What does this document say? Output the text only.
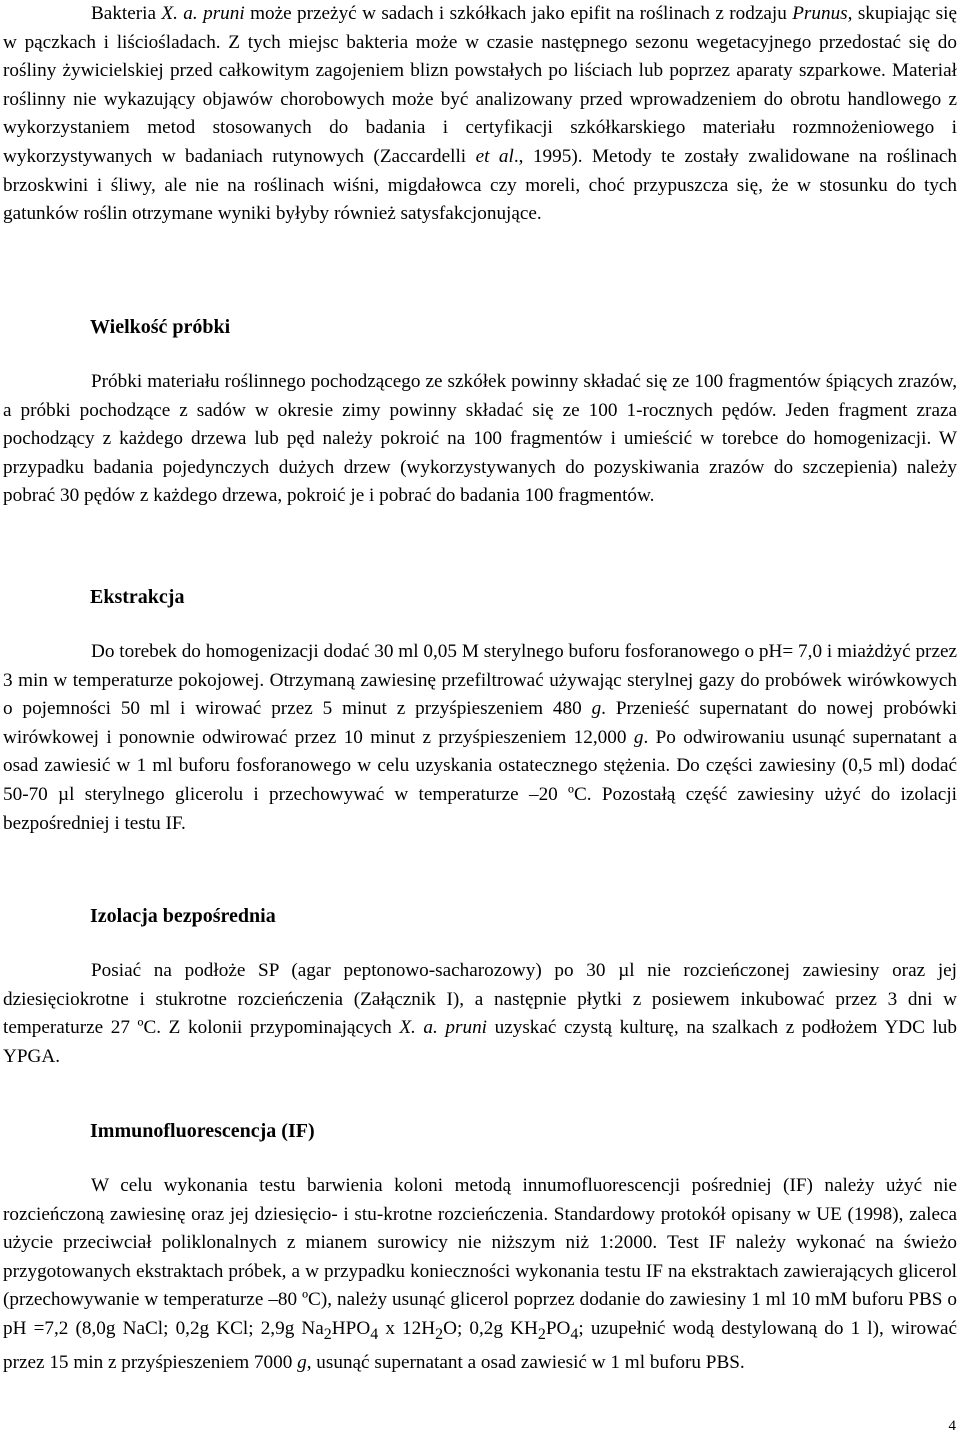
Bakteria X. a. pruni może przeżyć w sadach i szkółkach jako epifit na roślinach z rodzaju Prunus, skupiając się w pączkach i liściośladach. Z tych miejsc bakteria może w czasie następnego sezonu wegetacyjnego przedostać się do rośliny żywicielskiej przed całkowitym zagojeniem blizn powstałych po liściach lub poprzez aparaty szparkowe. Materiał roślinny nie wykazujący objawów chorobowych może być analizowany przed wprowadzeniem do obrotu handlowego z wykorzystaniem metod stosowanych do badania i certyfikacji szkółkarskiego materiału rozmnożeniowego i wykorzystywanych w badaniach rutynowych (Zaccardelli et al., 1995). Metody te zostały zwalidowane na roślinach brzoskwini i śliwy, ale nie na roślinach wiśni, migdałowca czy moreli, choć przypuszcza się, że w stosunku do tych gatunków roślin otrzymane wyniki byłyby również satysfakcjonujące.

Wielkość próbki

Próbki materiału roślinnego pochodzącego ze szkółek powinny składać się ze 100 fragmentów śpiących zrazów, a próbki pochodzące z sadów w okresie zimy powinny składać się ze 100 1-rocznych pędów. Jeden fragment zraza pochodzący z każdego drzewa lub pęd należy pokroić na 100 fragmentów i umieścić w torebce do homogenizacji. W przypadku badania pojedynczych dużych drzew (wykorzystywanych do pozyskiwania zrazów do szczepienia) należy pobrać 30 pędów z każdego drzewa, pokroić je i pobrać do badania 100 fragmentów.

Ekstrakcja

Do torebek do homogenizacji dodać 30 ml 0,05 M sterylnego buforu fosforanowego o pH= 7,0 i miażdżyć przez 3 min w temperaturze pokojowej. Otrzymaną zawiesinę przefiltrować używając sterylnej gazy do probówek wirówkowych o pojemności 50 ml i wirować przez 5 minut z przyśpieszeniem 480 g. Przenieść supernatant do nowej probówki wirówkowej i ponownie odwirować przez 10 minut z przyśpieszeniem 12,000 g. Po odwirowaniu usunąć supernatant a osad zawiesić w 1 ml buforu fosforanowego w celu uzyskania ostatecznego stężenia. Do części zawiesiny (0,5 ml) dodać 50-70 µl sterylnego glicerolu i przechowywać w temperaturze –20 ºC. Pozostałą część zawiesiny użyć do izolacji bezpośredniej i testu IF.

Izolacja bezpośrednia

Posiać na podłoże SP (agar peptonowo-sacharozowy) po 30 µl nie rozcieńczonej zawiesiny oraz jej dziesięciokrotne i stukrotne rozcieńczenia (Załącznik I), a następnie płytki z posiewem inkubować przez 3 dni w temperaturze 27 ºC. Z kolonii przypominających X. a. pruni uzyskać czystą kulturę, na szalkach z podłożem YDC lub YPGA.

Immunofluorescencja (IF)

W celu wykonania testu barwienia koloni metodą innumofluorescencji pośredniej (IF) należy użyć nie rozcieńczoną zawiesinę oraz jej dziesięcio- i stu-krotne rozcieńczenia. Standardowy protokół opisany w UE (1998), zaleca użycie przeciwciał poliklonalnych z mianem surowicy nie niższym niż 1:2000. Test IF należy wykonać na świeżo przygotowanych ekstraktach próbek, a w przypadku konieczności wykonania testu IF na ekstraktach zawierających glicerol (przechowywanie w temperaturze –80 ºC), należy usunąć glicerol poprzez dodanie do zawiesiny 1 ml 10 mM buforu PBS o pH =7,2 (8,0g NaCl; 0,2g KCl; 2,9g $Na_2HPO_4$ x $12H_2O$; 0,2g $KH_2PO_4$; uzupełnić wodą destylowaną do 1 l), wirować przez 15 min z przyśpieszeniem 7000 g, usunąć supernatant a osad zawiesić w 1 ml buforu PBS.

4
